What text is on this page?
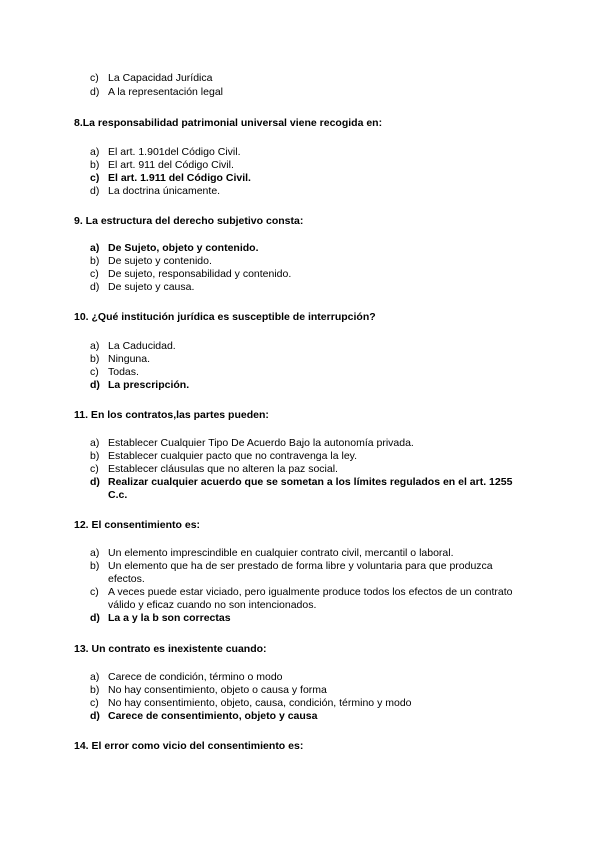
c) La Capacidad Jurídica
d) A la representación legal
8.La responsabilidad patrimonial universal viene recogida en:
a) El art. 1.901del Código Civil.
b) El art. 911 del Código Civil.
c) El art. 1.911 del Código Civil.
d) La doctrina únicamente.
9. La estructura del derecho subjetivo consta:
a) De Sujeto, objeto y contenido.
b) De sujeto y contenido.
c) De sujeto, responsabilidad y contenido.
d) De sujeto y causa.
10. ¿Qué institución jurídica es susceptible de interrupción?
a) La Caducidad.
b) Ninguna.
c) Todas.
d) La prescripción.
11. En los contratos,las partes pueden:
a) Establecer Cualquier Tipo De Acuerdo Bajo la autonomía privada.
b) Establecer cualquier pacto que no contravenga la ley.
c) Establecer cláusulas que no alteren la paz social.
d) Realizar cualquier acuerdo que se sometan a los límites regulados en el art. 1255 C.c.
12. El consentimiento es:
a) Un elemento imprescindible en cualquier contrato civil, mercantil o laboral.
b) Un elemento que ha de ser prestado de forma libre y voluntaria para que produzca efectos.
c) A veces puede estar viciado, pero igualmente produce todos los efectos de un contrato válido y eficaz cuando no son intencionados.
d) La a y la b son correctas
13. Un contrato es inexistente cuando:
a) Carece de condición, término o modo
b) No hay consentimiento, objeto o causa y forma
c) No hay consentimiento, objeto, causa, condición, término y modo
d) Carece de consentimiento, objeto y causa
14. El error como vicio del consentimiento es:
